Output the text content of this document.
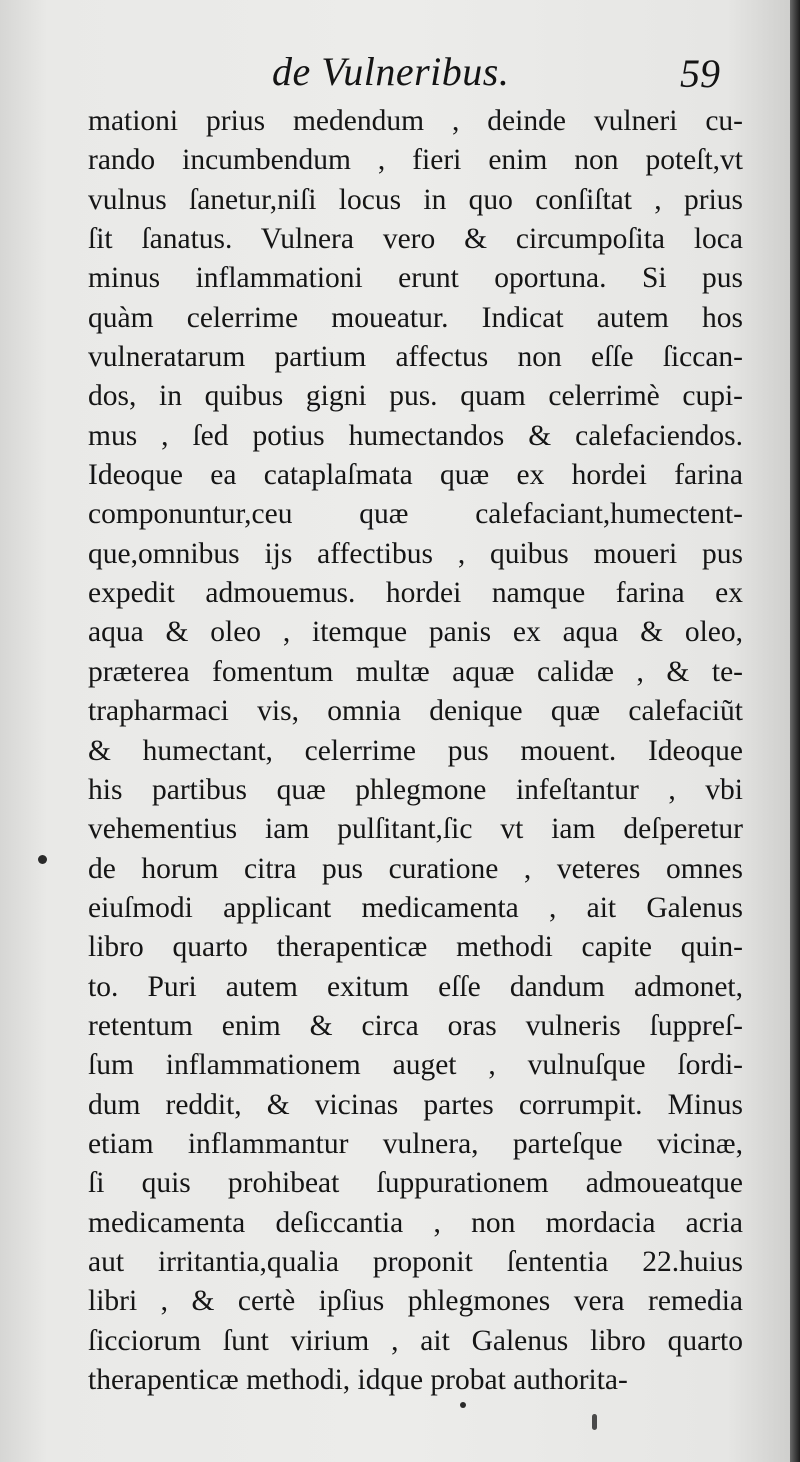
de Vulneribus.	59
mationi prius medendum , deinde vulneri cu-
rando incumbendum , fieri enim non poteſt,vt
vulnus ſanetur,niſi locus in quo conſiſtat , prius
ſit ſanatus. Vulnera vero & circumpoſita loca
minus inflammationi erunt oportuna. Si pus
quàm celerrime moueatur. Indicat autem hos
vulneratarum partium affectus non eſſe ſiccan-
dos, in quibus gigni pus. quam celerrimè cupi-
mus , ſed potius humectandos & calefaciendos.
Ideoque ea cataplaſmata quæ ex hordei farina
componuntur,ceu quæ calefaciant,humectent-
que,omnibus ijs affectibus , quibus moueri pus
expedit admouemus. hordei namque farina ex
aqua & oleo , itemque panis ex aqua & oleo,
præterea fomentum multæ aquæ calidæ , & te-
trapharmaci vis, omnia denique quæ calefaciũt
& humectant, celerrime pus mouent. Ideoque
his partibus quæ phlegmone infeſtantur , vbi
vehementius iam pulſitant,ſic vt iam deſperetur
de horum citra pus curatione , veteres omnes
eiuſmodi applicant medicamenta , ait Galenus
libro quarto therapenticæ methodi capite quin-
to. Puri autem exitum eſſe dandum admonet,
retentum enim & circa oras vulneris ſuppreſ-
ſum inflammationem auget , vulnuſque ſordi-
dum reddit, & vicinas partes corrumpit. Minus
etiam inflammantur vulnera, parteſque vicinæ,
ſi quis prohibeat ſuppurationem admoueatque
medicamenta deſiccantia , non mordacia acria
aut irritantia,qualia proponit ſententia 22.huius
libri , & certè ipſius phlegmones vera remedia
ſicciorum ſunt virium , ait Galenus libro quarto
therapenticæ methodi, idque probat authorita-
